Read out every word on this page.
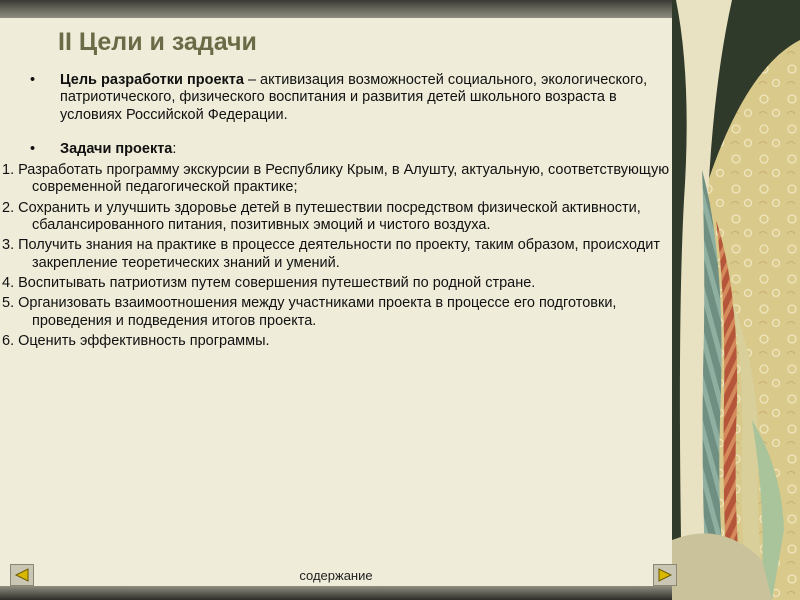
II Цели и задачи
• Цель разработки проекта – активизация возможностей социального, экологического, патриотического, физического воспитания и развития детей школьного возраста в условиях Российской Федерации.
• Задачи проекта:
1. Разработать программу экскурсии в Республику Крым, в Алушту, актуальную, соответствующую современной педагогической практике;
2. Сохранить и улучшить здоровье детей в путешествии посредством физической активности, сбалансированного питания, позитивных эмоций и чистого воздуха.
3. Получить знания на практике в процессе деятельности по проекту, таким образом, происходит закрепление теоретических знаний и умений.
4. Воспитывать патриотизм путем совершения путешествий по родной стране.
5. Организовать взаимоотношения между участниками проекта в процессе его подготовки, проведения и подведения итогов проекта.
6. Оценить эффективность программы.
содержание
